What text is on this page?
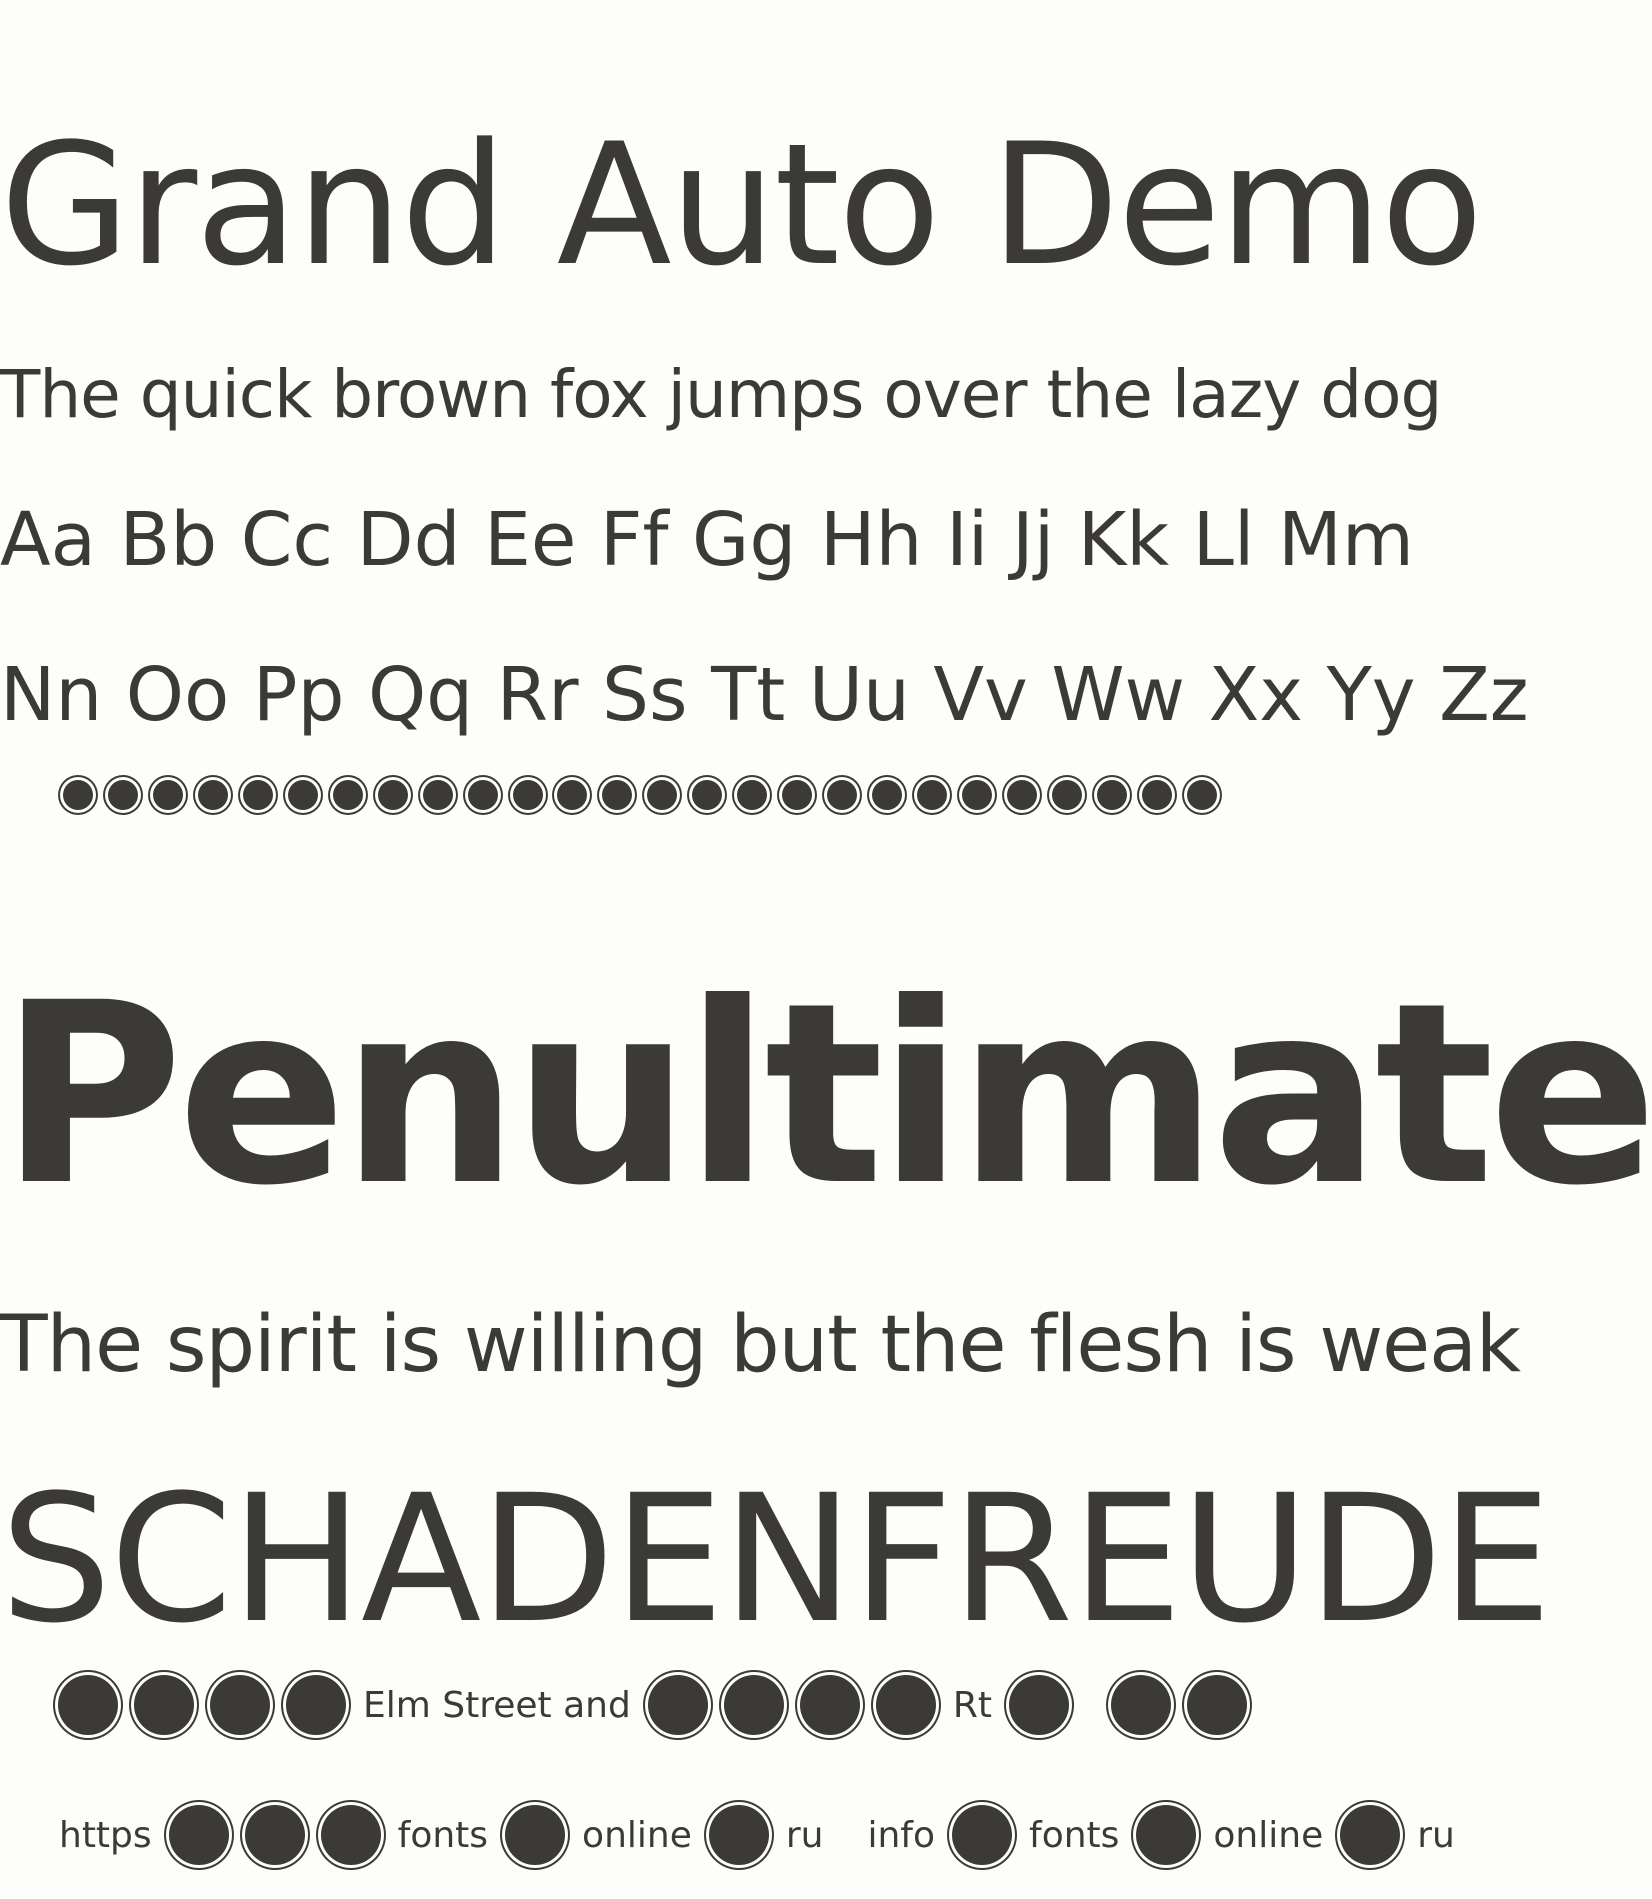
Grand Auto Demo
The quick brown fox jumps over the lazy dog
Aa Bb Cc Dd Ee Ff Gg Hh Ii Jj Kk Ll Mm
Nn Oo Pp Qq Rr Ss Tt Uu Vv Ww Xx Yy Zz
Penultimate
The spirit is willing but the flesh is weak
SCHADENFREUDE
Elm Street and	Rt
https	fonts	online	ru info	fonts	online	ru
